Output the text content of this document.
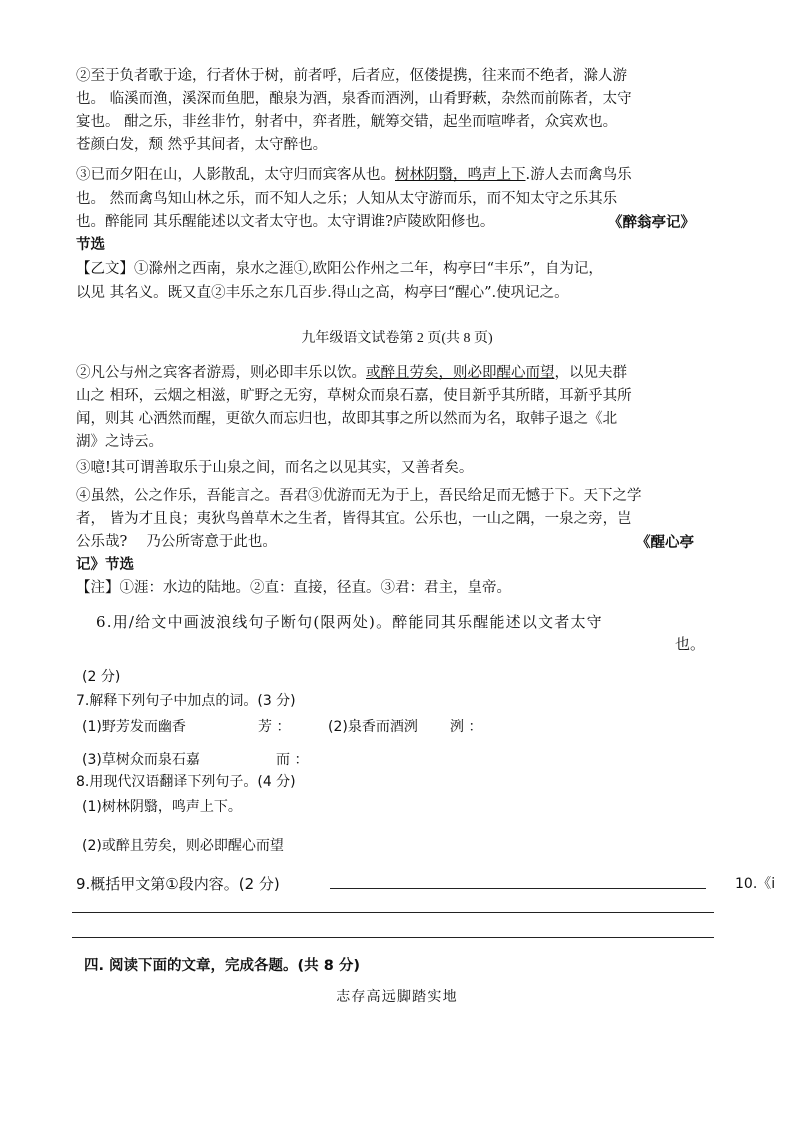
②至于负者歌于途，行者休于树，前者呼，后者应，伛偻提携，往来而不绝者，滁人游
也。 临溪而渔，溪深而鱼肥，酿泉为酒，泉香而酒洌，山肴野蔌，杂然而前陈者，太守
宴也。 酣之乐，非丝非竹，射者中，弈者胜，觥筹交错，起坐而喧哗者，众宾欢也。
苍颜白发，颓 然乎其间者，太守醉也。
③已而夕阳在山，人影散乱，太守归而宾客从也。树林阴翳，鸣声上下.游人去而禽鸟乐
也。 然而禽鸟知山林之乐，而不知人之乐；人知从太守游而乐，而不知太守之乐其乐
也。醉能同 其乐醒能述以文者太守也。太守谓谁?庐陵欧阳修也。	《醉翁亭记》
节选
【乙文】①滁州之西南，泉水之涯①,欧阳公作州之二年，构亭曰“丰乐”，自为记，
以见 其名义。既又直②丰乐之东几百步.得山之高，构亭曰“醒心”.使巩记之。
九年级语文试卷第 2 页(共 8 页)
②凡公与州之宾客者游焉，则必即丰乐以饮。或醉且劳矣，则必即醒心而望，以见夫群
山之 相环，云烟之相滋，旷野之无穷，草树众而泉石嘉，使目新乎其所睹，耳新乎其所
闻，则其 心洒然而醒，更欲久而忘归也，故即其事之所以然而为名，取韩子退之《北
湖》之诗云。
③噫!其可谓善取乐于山泉之间，而名之以见其实，又善者矣。
④虽然，公之作乐，吾能言之。吾君③优游而无为于上，吾民给足而无憾于下。天下之学
者， 皆为才且良；夷狄鸟兽草木之生者，皆得其宜。公乐也，一山之隅，一泉之旁，岂
公乐哉?　 乃公所寄意于此也。	《醒心亭
记》节选
【注】①涯：水边的陆地。②直：直接，径直。③君：君主，皇帝。
6.用/给文中画波浪线句子断句(限两处)。醉能同其乐醒能述以文者太守
也。
(2 分)
7.解释下列句子中加点的词。(3 分)
(1)野芳发而幽香	芳 ：	(2)泉香而酒洌 洌 ：
(3)草树众而泉石嘉	而 ：
8.用现代汉语翻译下列句子。(4 分)
(1)树林阴翳，鸣声上下。
(2)或醉且劳矣，则必即醒心而望
9.概括甲文第①段内容。(2 分)	10.《i
四. 阅读下面的文章，完成各题。(共 8 分)
志存高远脚踏实地
